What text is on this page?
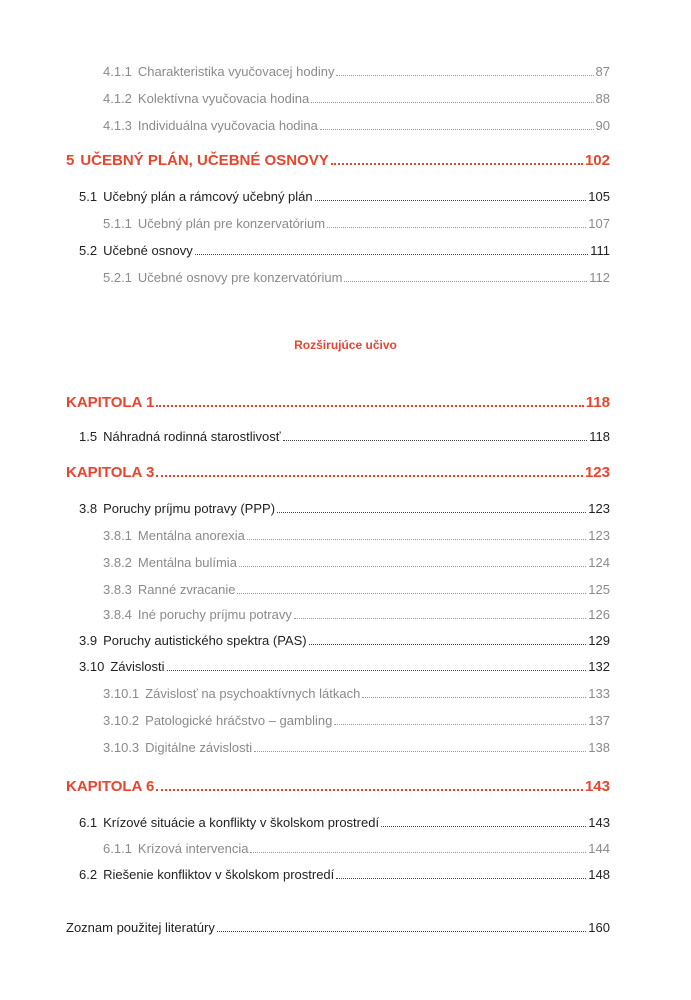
4.1.1 Charakteristika vyučovacej hodiny	87
4.1.2 Kolektívna vyučovacia hodina	88
4.1.3 Individuálna vyučovacia hodina	90
5 UČEBNÝ PLÁN, UČEBNÉ OSNOVY	102
5.1 Učebný plán a rámcový učebný plán	105
5.1.1 Učebný plán pre konzervatórium	107
5.2 Učebné osnovy	111
5.2.1 Učebné osnovy pre konzervatórium	112
Rozširujúce učivo
KAPITOLA 1	118
1.5 Náhradná rodinná starostlivosť	118
KAPITOLA 3	123
3.8 Poruchy príjmu potravy (PPP)	123
3.8.1 Mentálna anorexia	123
3.8.2 Mentálna bulímia	124
3.8.3 Ranné zvracanie	125
3.8.4 Iné poruchy príjmu potravy	126
3.9 Poruchy autistického spektra (PAS)	129
3.10 Závislosti	132
3.10.1 Závislosť na psychoaktívnych látkach	133
3.10.2 Patologické hráčstvo – gambling	137
3.10.3 Digitálne závislosti	138
KAPITOLA 6	143
6.1 Krízové situácie a konflikty v školskom prostredí	143
6.1.1 Krízová intervencia	144
6.2 Riešenie konfliktov v školskom prostredí	148
Zoznam použitej literatúry	160
